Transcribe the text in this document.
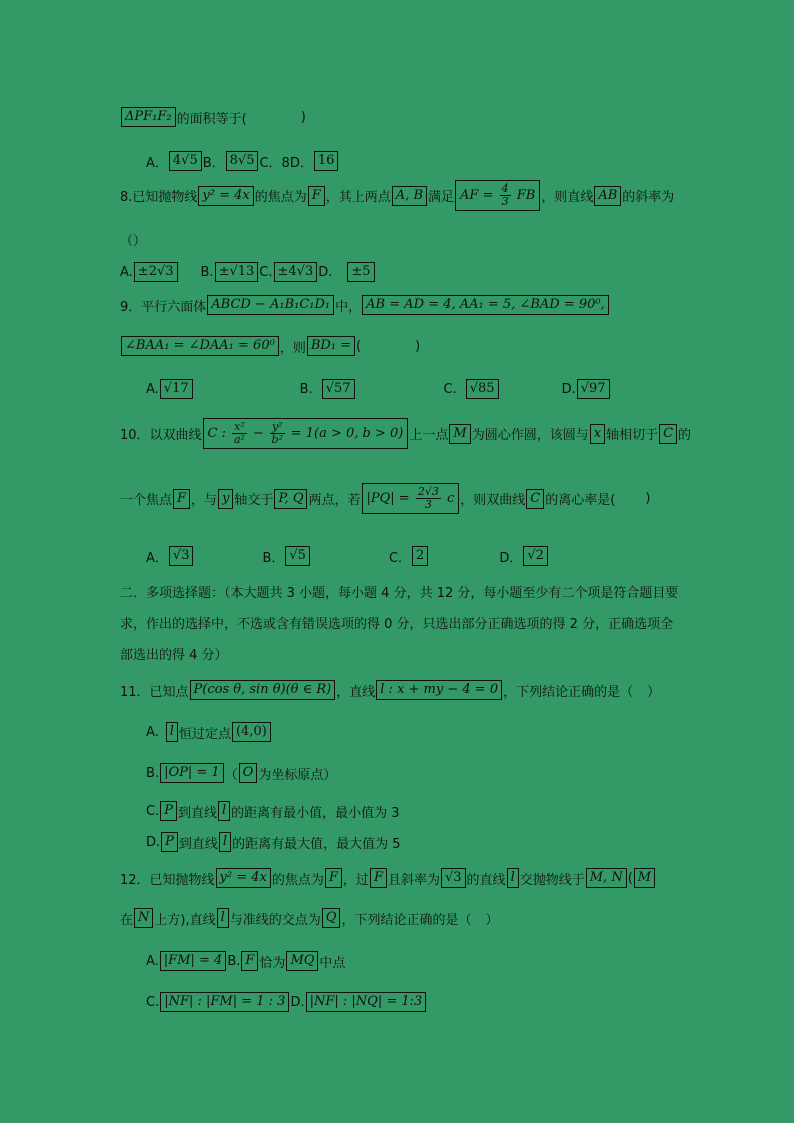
ΔPF₁F₂ 的面积等于(	)
A． 4√5 B． 8√5 C．8D． 16
8.已知抛物线 y² = 4x 的焦点为 F ，其上两点 A, B 满足 AF = $\frac{4}{3}$ FB ，则直线 AB 的斜率为
（）
A. ±2√3	B. ±√13 C. ±4√3 D.	±5
9．平行六面体 ABCD − A₁B₁C₁D₁ 中， AB = AD = 4, AA₁ = 5, ∠BAD = 90⁰,
∠BAA₁ = ∠DAA₁ = 60⁰ ，则 BD₁ = (	)
A. √17	B.	√57	C.	√85	D. √97
10．以双曲线 C : $\frac{\text{x²}}{\text{a²}} - \frac{\text{y²}}{\text{b²}} = 1(a > 0$, b > 0) 上一点 M 为圆心作圆，该圆与 x 轴相切于 C 的
一个焦点 F ，与 y 轴交于 P, Q 两点，若 $|PQ| = \frac{2√3}{3}$ c ，则双曲线 C 的离心率是( )
A． √3	B． √5	C． 2	D． √2
二．多项选择题：（本大题共 3 小题，每小题 4 分，共 12 分，每小题至少有二个项是符合题目要求，作出的选择中，不选或含有错误选项的得 0 分，只选出部分正确选项的得 2 分，正确选项全部选出的得 4 分）
11．已知点 P(cos θ, sin θ)(θ ∈ R) ，直线 l : x + my − 4 = 0 ，下列结论正确的是（ ）
A. l 恒过定点 (4,0)
B. |OP| = 1 （ O 为坐标原点）
C. P 到直线 l 的距离有最小值，最小值为 3
D. P 到直线 l 的距离有最大值，最大值为 5
12．已知抛物线 y² = 4x 的焦点为 F ，过 F 且斜率为 √3 的直线 l 交抛物线于 M, N ( M
在 N 上方),直线 l 与准线的交点为 Q ，下列结论正确的是（ ）
A. |FM| = 4 B. F 恰为 MQ 中点
C. |NF| : |FM| = 1 : 3 D. |NF| : |NQ| = 1:3
